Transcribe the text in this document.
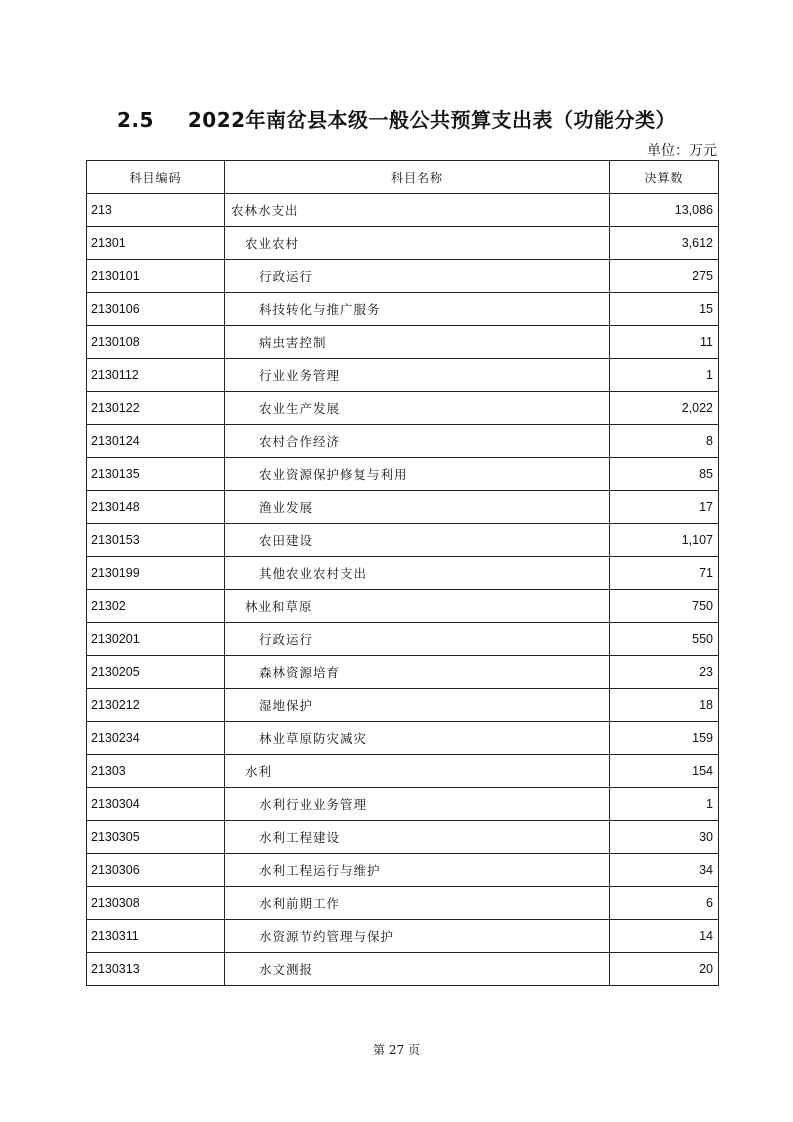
2.5 2022年南岔县本级一般公共预算支出表（功能分类）
单位：万元
科目编码	科目名称	决算数
213	农林水支出	13,086
21301	农业农村	3,612
2130101	行政运行	275
2130106	科技转化与推广服务	15
2130108	病虫害控制	11
2130112	行业业务管理	1
2130122	农业生产发展	2,022
2130124	农村合作经济	8
2130135	农业资源保护修复与利用	85
2130148	渔业发展	17
2130153	农田建设	1,107
2130199	其他农业农村支出	71
21302	林业和草原	750
2130201	行政运行	550
2130205	森林资源培育	23
2130212	湿地保护	18
2130234	林业草原防灾减灾	159
21303	水利	154
2130304	水利行业业务管理	1
2130305	水利工程建设	30
2130306	水利工程运行与维护	34
2130308	水利前期工作	6
2130311	水资源节约管理与保护	14
2130313	水文测报	20
第 27 页
